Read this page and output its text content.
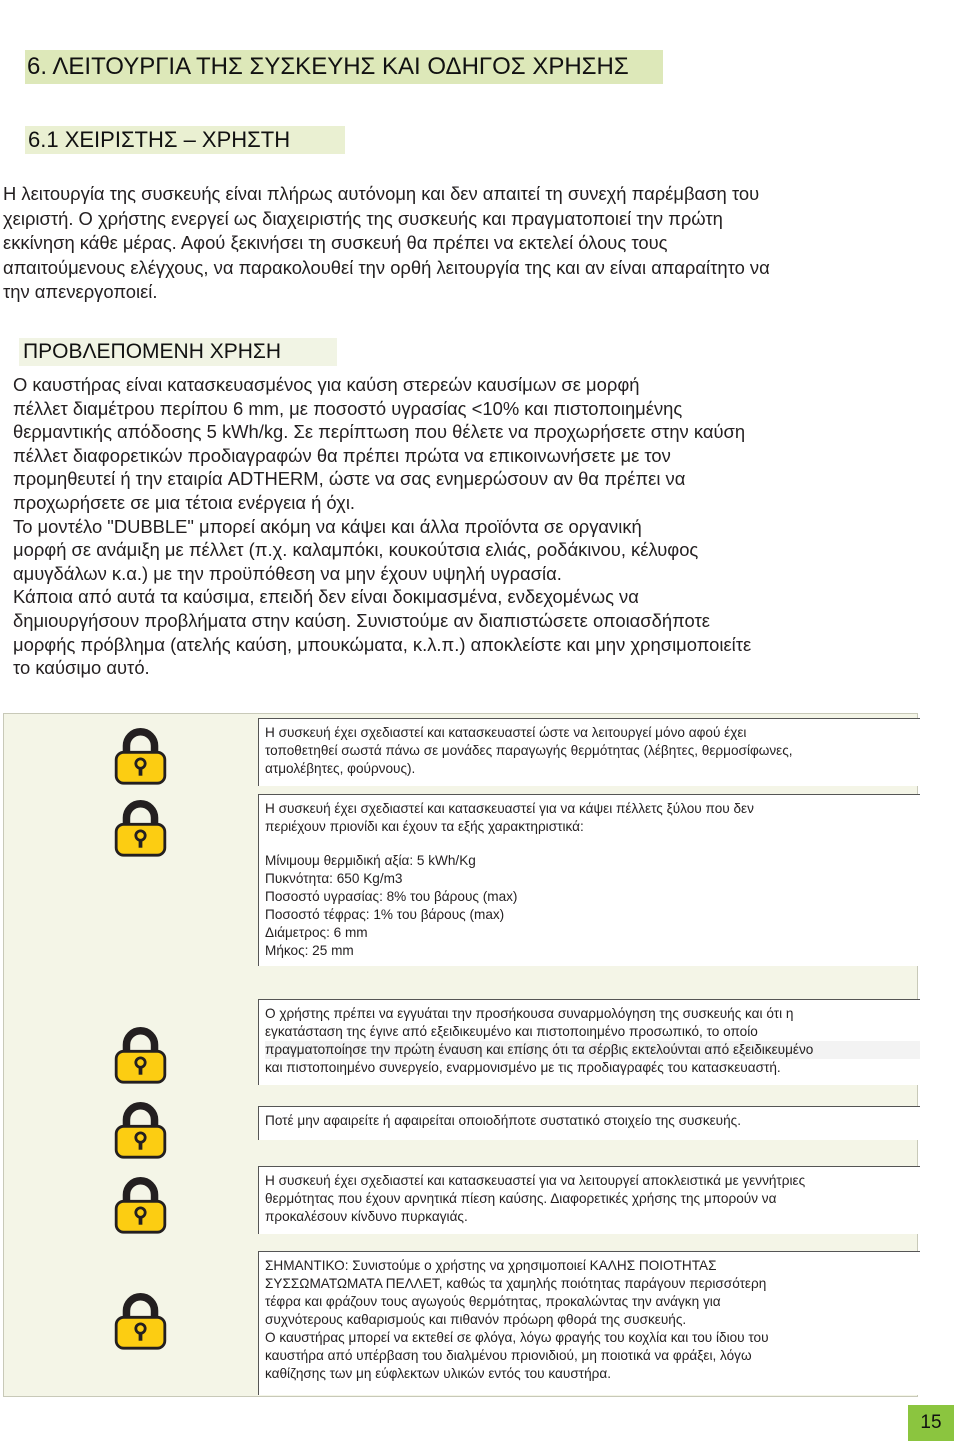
6. ΛΕΙΤΟΥΡΓΙΑ ΤΗΣ ΣΥΣΚΕΥΗΣ ΚΑΙ ΟΔΗΓΟΣ ΧΡΗΣΗΣ
6.1 ΧΕΙΡΙΣΤΗΣ – ΧΡΗΣΤΗ
Η λειτουργία της συσκευής είναι πλήρως αυτόνομη και δεν απαιτεί τη συνεχή παρέμβαση του
χειριστή. Ο χρήστης ενεργεί ως διαχειριστής της συσκευής και πραγματοποιεί την πρώτη
εκκίνηση κάθε μέρας. Αφού ξεκινήσει τη συσκευή θα πρέπει να εκτελεί όλους τους
απαιτούμενους ελέγχους, να παρακολουθεί την ορθή λειτουργία της και αν είναι απαραίτητο να
την απενεργοποιεί.
ΠΡΟΒΛΕΠΟΜΕΝΗ ΧΡΗΣΗ
Ο καυστήρας είναι κατασκευασμένος για καύση στερεών καυσίμων σε μορφή
πέλλετ διαμέτρου περίπου 6 mm, με ποσοστό υγρασίας <10% και πιστοποιημένης
θερμαντικής απόδοσης 5 kWh/kg. Σε περίπτωση που θέλετε να προχωρήσετε στην καύση
πέλλετ διαφορετικών προδιαγραφών θα πρέπει πρώτα να επικοινωνήσετε με τον
προμηθευτεί ή την εταιρία ADTHERM, ώστε να σας ενημερώσουν αν θα πρέπει να
προχωρήσετε σε μια τέτοια ενέργεια ή όχι.
Το μοντέλο "DUBBLE" μπορεί ακόμη να κάψει και άλλα προϊόντα σε οργανική
μορφή σε ανάμιξη με πέλλετ (π.χ. καλαμπόκι, κουκούτσια ελιάς, ροδάκινου, κέλυφος
αμυγδάλων κ.α.) με την προϋπόθεση να μην έχουν υψηλή υγρασία.
Κάποια από αυτά τα καύσιμα, επειδή δεν είναι δοκιμασμένα, ενδεχομένως να
δημιουργήσουν προβλήματα στην καύση. Συνιστούμε αν διαπιστώσετε οποιασδήποτε
μορφής πρόβλημα (ατελής καύση, μπουκώματα, κ.λ.π.) αποκλείστε και μην χρησιμοποιείτε
το καύσιμο αυτό.
Η συσκευή έχει σχεδιαστεί και κατασκευαστεί ώστε να λειτουργεί μόνο αφού έχει
τοποθετηθεί σωστά πάνω σε μονάδες παραγωγής θερμότητας (λέβητες, θερμοσίφωνες,
ατμολέβητες, φούρνους).
Η συσκευή έχει σχεδιαστεί και κατασκευαστεί για να κάψει πέλλετς ξύλου που δεν
περιέχουν πριονίδι και έχουν τα εξής χαρακτηριστικά:
Μίνιμουμ θερμιδική αξία: 5 kWh/Kg
Πυκνότητα: 650 Kg/m3
Ποσοστό υγρασίας: 8% του βάρους (max)
Ποσοστό τέφρας: 1% του βάρους (max)
Διάμετρος: 6 mm
Μήκος: 25 mm
Ο χρήστης πρέπει να εγγυάται την προσήκουσα συναρμολόγηση της συσκευής και ότι η
εγκατάσταση της έγινε από εξειδικευμένο και πιστοποιημένο προσωπικό, το οποίο
πραγματοποίησε την πρώτη έναυση και επίσης ότι τα σέρβις εκτελούνται από εξειδικευμένο
και πιστοποιημένο συνεργείο, εναρμονισμένο με τις προδιαγραφές του κατασκευαστή.
Ποτέ μην αφαιρείτε ή αφαιρείται οποιοδήποτε συστατικό στοιχείο της συσκευής.
Η συσκευή έχει σχεδιαστεί και κατασκευαστεί για να λειτουργεί αποκλειστικά με γεννήτριες
θερμότητας που έχουν αρνητικά πίεση καύσης. Διαφορετικές χρήσης της μπορούν να
προκαλέσουν κίνδυνο πυρκαγιάς.
ΣΗΜΑΝΤΙΚΟ: Συνιστούμε ο χρήστης να χρησιμοποιεί ΚΑΛΗΣ ΠΟΙΟΤΗΤΑΣ
ΣΥΣΣΩΜΑΤΩΜΑΤΑ ΠΕΛΛΕΤ, καθώς τα χαμηλής ποιότητας παράγουν περισσότερη
τέφρα και φράζουν τους αγωγούς θερμότητας, προκαλώντας την ανάγκη για
συχνότερους καθαρισμούς και πιθανόν πρόωρη φθορά της συσκευής.
Ο καυστήρας μπορεί να εκτεθεί σε φλόγα, λόγω φραγής του κοχλία και του ίδιου του
καυστήρα από υπέρβαση του διαλμένου πριονιδιού, μη ποιοτικά να φράξει, λόγω
καθίζησης των μη εύφλεκτων υλικών εντός του καυστήρα.
15
